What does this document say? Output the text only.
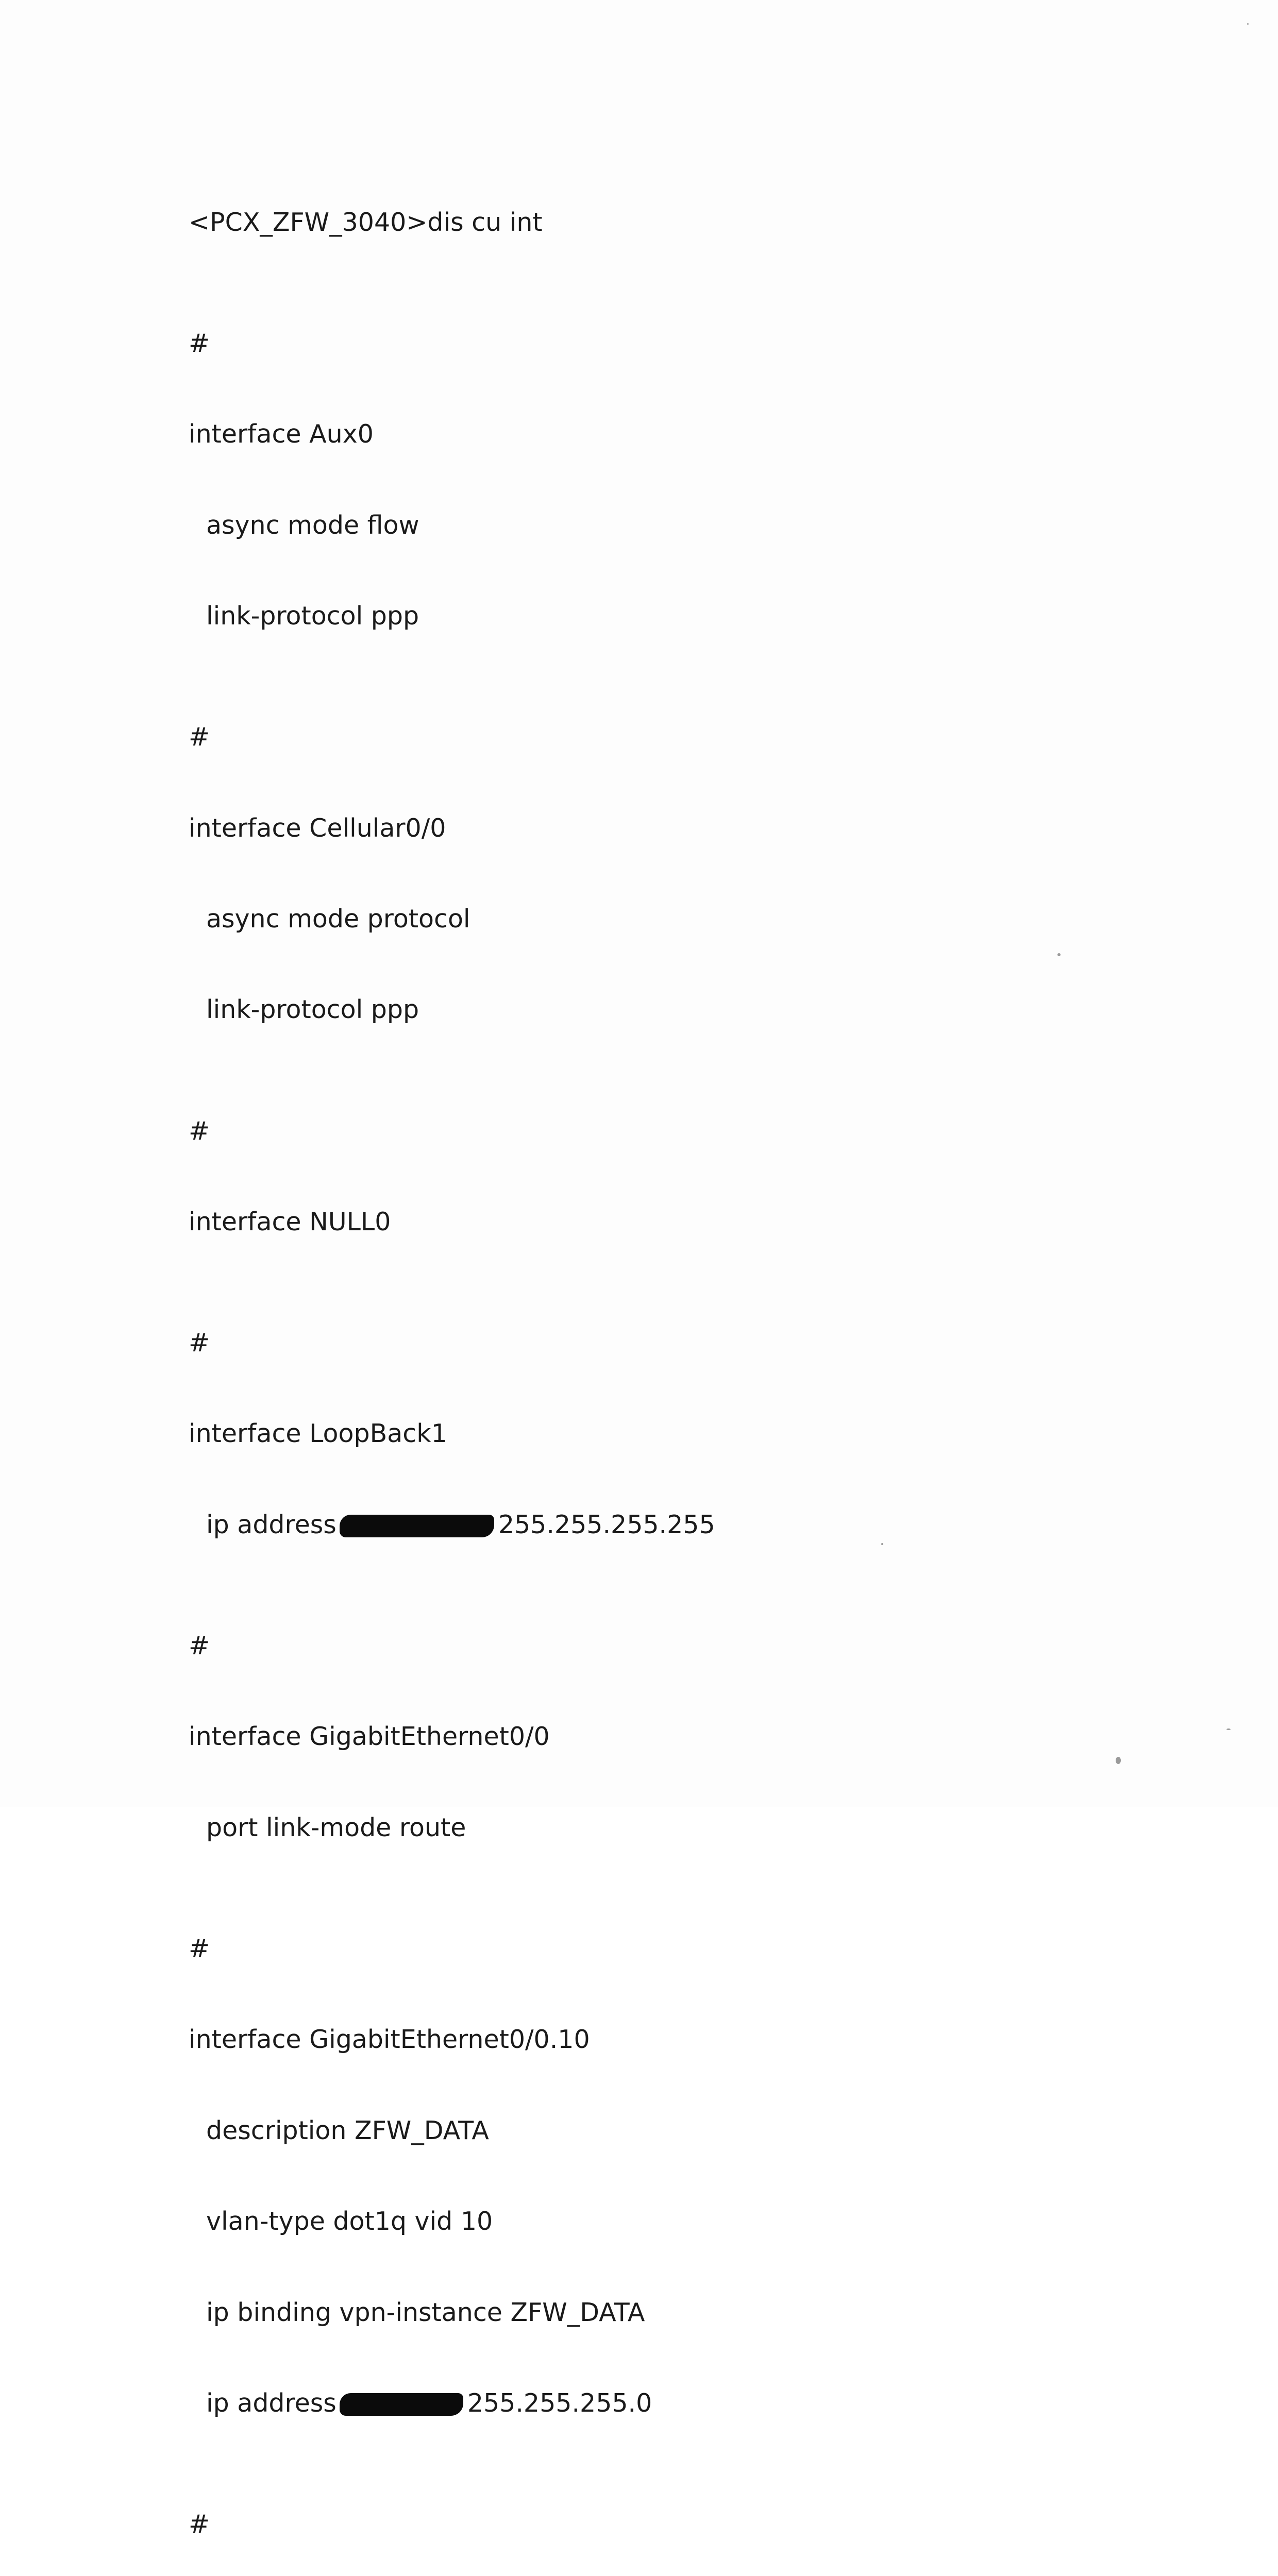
<PCX_ZFW_3040>dis cu int

#

interface Aux0

async mode flow

link-protocol ppp

#

interface Cellular0/0

async mode protocol

link-protocol ppp

#

interface NULL0

#

interface LoopBack1

ip address	255.255.255.255

#

interface GigabitEthernet0/0

port link-mode route

#

interface GigabitEthernet0/0.10

description ZFW_DATA

vlan-type dot1q vid 10

ip binding vpn-instance ZFW_DATA

ip address	255.255.255.0

#
